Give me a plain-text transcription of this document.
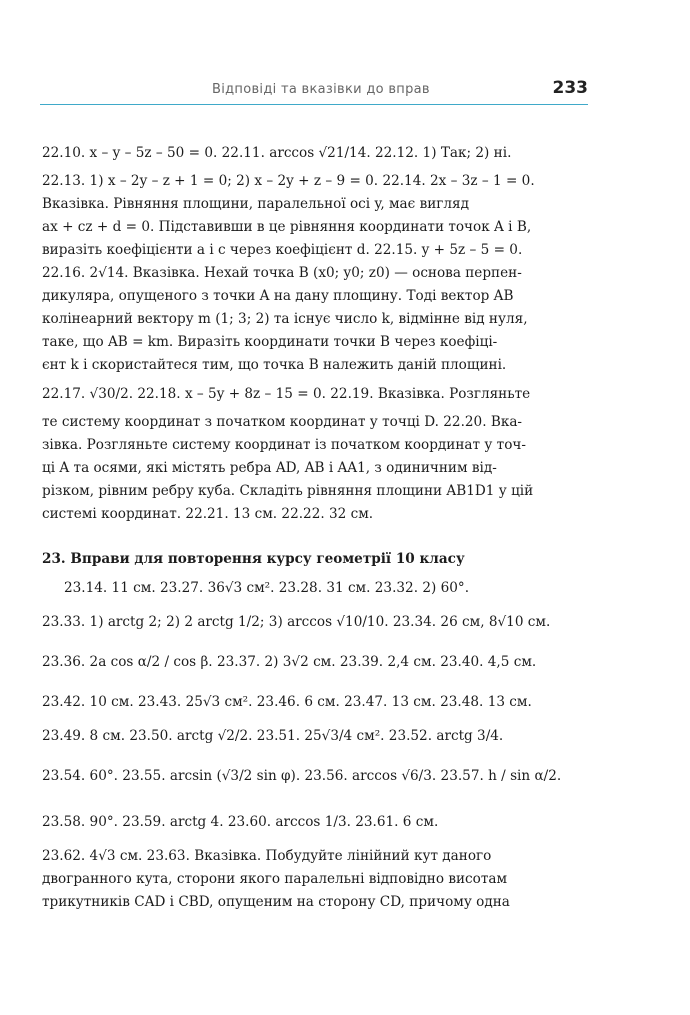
Відповіді та вказівки до вправ	233
22.10. x – y – 5z – 50 = 0. 22.11. arccos √21/14. 22.12. 1) Так; 2) ні.
22.13. 1) x – 2y – z + 1 = 0; 2) x – 2y + z – 9 = 0. 22.14. 2x – 3z – 1 = 0.
Вказівка. Рівняння площини, паралельної осі y, має вигляд
ax + cz + d = 0. Підставивши в це рівняння координати точок A і B,
виразіть коефіцієнти a і c через коефіцієнт d. 22.15. y + 5z – 5 = 0.
22.16. 2√14. Вказівка. Нехай точка B (x0; y0; z0) — основа перпен-
дикуляра, опущеного з точки A на дану площину. Тоді вектор AB
колінеарний вектору m (1; 3; 2) та існує число k, відмінне від нуля,
таке, що AB = km. Виразіть координати точки B через коефіці-
єнт k і скористайтеся тим, що точка B належить даній площині.
22.17. √30/2. 22.18. x – 5y + 8z – 15 = 0. 22.19. Вказівка. Розгляньте
те систему координат з початком координат у точці D. 22.20. Вка-
зівка. Розгляньте систему координат із початком координат у точ-
ці A та осями, які містять ребра AD, AB і AA1, з одиничним від-
різком, рівним ребру куба. Складіть рівняння площини AB1D1 у цій
системі координат. 22.21. 13 см. 22.22. 32 см.
23. Вправи для повторення курсу геометрії 10 класу
23.14. 11 см. 23.27. 36√3 см². 23.28. 31 см. 23.32. 2) 60°.
23.33. 1) arctg 2; 2) 2 arctg 1/2; 3) arccos √10/10. 23.34. 26 см, 8√10 см.
23.36. 2a cos α/2 / cos β. 23.37. 2) 3√2 см. 23.39. 2,4 см. 23.40. 4,5 см.
23.42. 10 см. 23.43. 25√3 см². 23.46. 6 см. 23.47. 13 см. 23.48. 13 см.
23.49. 8 см. 23.50. arctg √2/2. 23.51. 25√3/4 см². 23.52. arctg 3/4.
23.54. 60°. 23.55. arcsin (√3/2 sin φ). 23.56. arccos √6/3. 23.57. h / sin α/2.
23.58. 90°. 23.59. arctg 4. 23.60. arccos 1/3. 23.61. 6 см.
23.62. 4√3 см. 23.63. Вказівка. Побудуйте лінійний кут даного
двогранного кута, сторони якого паралельні відповідно висотам
трикутників CAD і CBD, опущеним на сторону CD, причому одна
